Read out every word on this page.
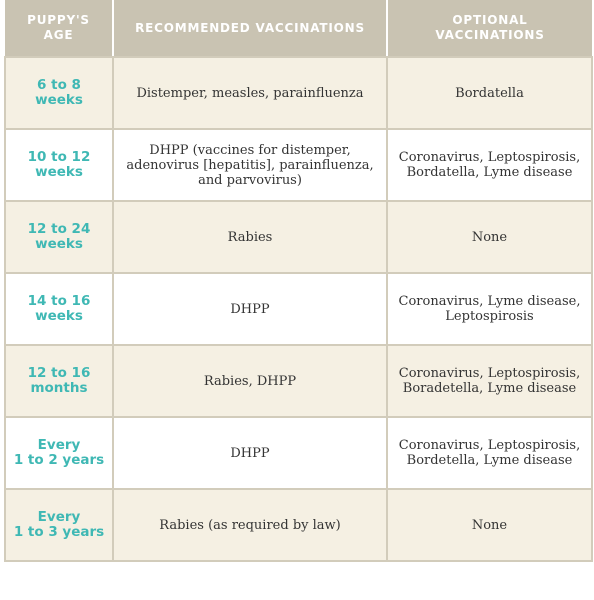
PUPPY'S
AGE	RECOMMENDED VACCINATIONS	OPTIONAL
VACCINATIONS

6 to 8
weeks	Distemper, measles, parainfluenza	Bordatella

10 to 12
weeks	DHPP (vaccines for distemper,
adenovirus [hepatitis], parainfluenza,
and parvovirus)	Coronavirus, Leptospirosis,
Bordatella, Lyme disease

12 to 24
weeks	Rabies	None

14 to 16
weeks	DHPP	Coronavirus, Lyme disease,
Leptospirosis

12 to 16
months	Rabies, DHPP	Coronavirus, Leptospirosis,
Boradetella, Lyme disease

Every
1 to 2 years	DHPP	Coronavirus, Leptospirosis,
Bordetella, Lyme disease

Every
1 to 3 years	Rabies (as required by law)	None
